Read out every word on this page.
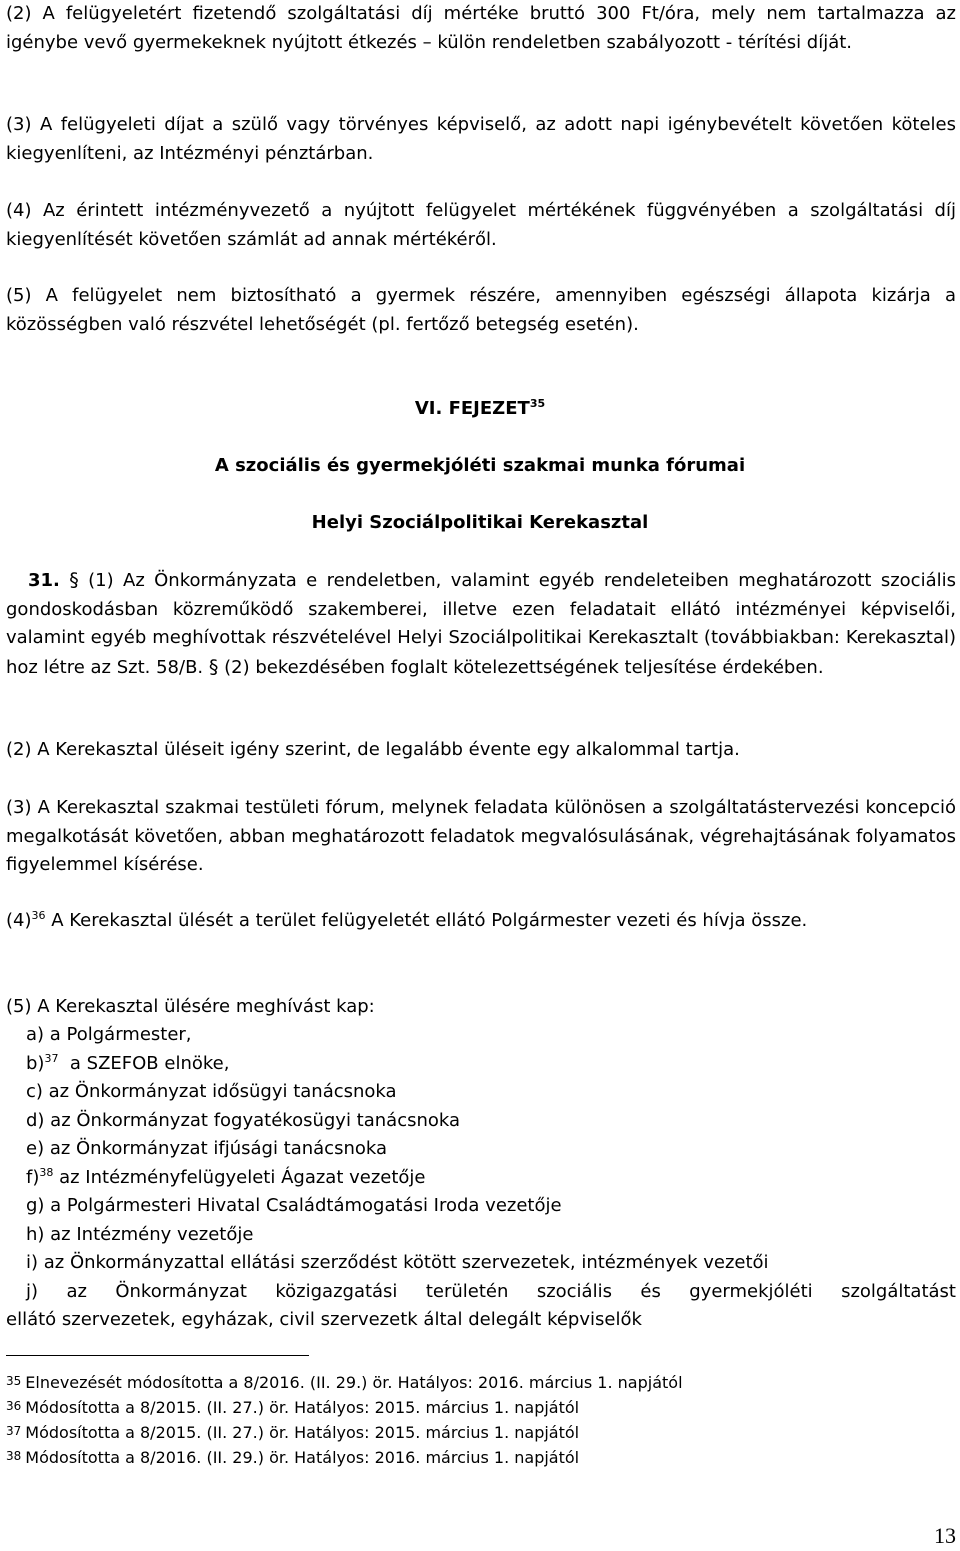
(2) A felügyeletért fizetendő szolgáltatási díj mértéke bruttó 300 Ft/óra, mely nem tartalmazza az igénybe vevő gyermekeknek nyújtott étkezés – külön rendeletben szabályozott - térítési díját.

(3) A felügyeleti díjat a szülő vagy törvényes képviselő, az adott napi igénybevételt követően köteles kiegyenlíteni, az Intézményi pénztárban.

(4) Az érintett intézményvezető a nyújtott felügyelet mértékének függvényében a szolgáltatási díj kiegyenlítését követően számlát ad annak mértékéről.

(5) A felügyelet nem biztosítható a gyermek részére, amennyiben egészségi állapota kizárja a közösségben való részvétel lehetőségét (pl. fertőző betegség esetén).

VI. FEJEZET$^{35}$
A szociális és gyermekjóléti szakmai munka fórumai
Helyi Szociálpolitikai Kerekasztal

31. § (1) Az Önkormányzata e rendeletben, valamint egyéb rendeleteiben meghatározott szociális gondoskodásban közreműködő szakemberei, illetve ezen feladatait ellátó intézményei képviselői, valamint egyéb meghívottak részvételével Helyi Szociálpolitikai Kerekasztalt (továbbiakban: Kerekasztal) hoz létre az Szt. 58/B. § (2) bekezdésében foglalt kötelezettségének teljesítése érdekében.

(2) A Kerekasztal üléseit igény szerint, de legalább évente egy alkalommal tartja.

(3) A Kerekasztal szakmai testületi fórum, melynek feladata különösen a szolgáltatástervezési koncepció megalkotását követően, abban meghatározott feladatok megvalósulásának, végrehajtásának folyamatos figyelemmel kísérése.

$(4)^{36}$ A Kerekasztal ülését a terület felügyeletét ellátó Polgármester vezeti és hívja össze.

(5) A Kerekasztal ülésére meghívást kap:

a) a Polgármester,
b)$^{37}$ a SZEFOB elnöke,
c) az Önkormányzat idősügyi tanácsnoka
d) az Önkormányzat fogyatékosügyi tanácsnoka
e) az Önkormányzat ifjúsági tanácsnoka
f)$^{38}$ az Intézményfelügyeleti Ágazat vezetője
g) a Polgármesteri Hivatal Családtámogatási Iroda vezetője
h) az Intézmény vezetője
i) az Önkormányzattal ellátási szerződést kötött szervezetek, intézmények vezetői

j) az Önkormányzat közigazgatási területén szociális és gyermekjóléti szolgáltatást

ellátó szervezetek, egyházak, civil szervezetk által delegált képviselők

$^{35}$ Elnevezését módosította a 8/2016. (II. 29.) ör. Hatályos: 2016. március 1. napjától

$^{36}$ Módosította a 8/2015. (II. 27.) ör. Hatályos: 2015. március 1. napjától

$^{37}$ Módosította a 8/2015. (II. 27.) ör. Hatályos: 2015. március 1. napjától

$^{38}$ Módosította a 8/2016. (II. 29.) ör. Hatályos: 2016. március 1. napjától

13
